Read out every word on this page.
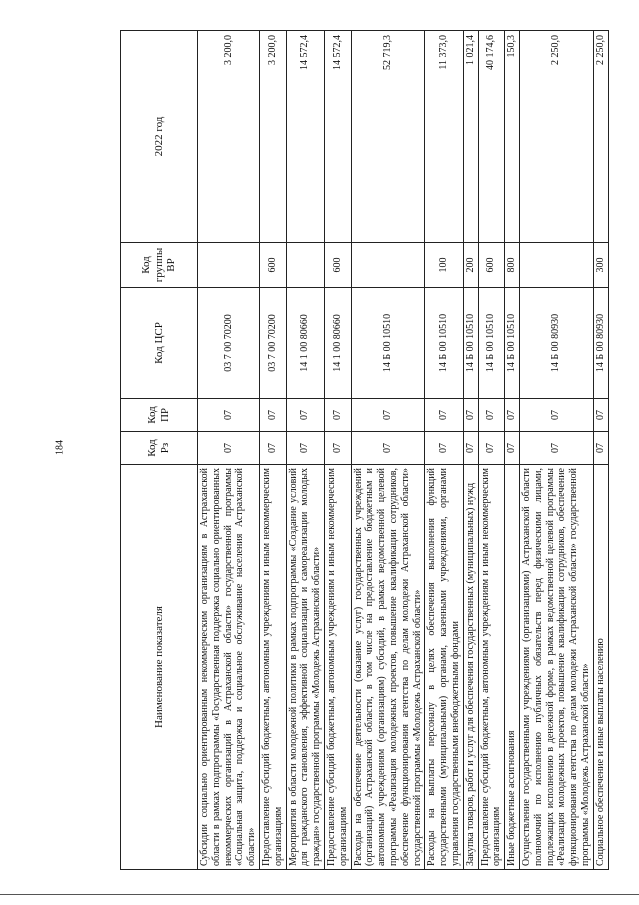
184
Наименование показателя	Код Рз	Код ПР	Код ЦСР	Код группы ВР	2022 год
Субсидии социально ориентированным некоммерческим организациям в Астраханской области в рамках подпрограммы «Государственная поддержка социально ориентированных некоммерческих организаций в Астраханской области» государственной программы «Социальная защита, поддержка и социальное обслуживание населения Астраханской области»	07	07	03 7 00 70200		3 200,0
Предоставление субсидий бюджетным, автономным учреждениям и иным некоммерческим организациям	07	07	03 7 00 70200	600	3 200,0
Мероприятия в области молодежной политики в рамках подпрограммы «Создание условий для гражданского становления, эффективной социализации и самореализации молодых граждан» государственной программы «Молодежь Астраханской области»	07	07	14 1 00 80660		14 572,4
Предоставление субсидий бюджетным, автономным учреждениям и иным некоммерческим организациям	07	07	14 1 00 80660	600	14 572,4
Расходы на обеспечение деятельности (оказание услуг) государственных учреждений (организаций) Астраханской области, в том числе на предоставление бюджетным и автономным учреждениям (организациям) субсидий, в рамках ведомственной целевой программы «Реализация молодежных проектов, повышение квалификации сотрудников, обеспечение функционирования агентства по делам молодежи Астраханской области» государственной программы «Молодежь Астраханской области»	07	07	14 Б 00 10510		52 719,3
Расходы на выплаты персоналу в целях обеспечения выполнения функций государственными (муниципальными) органами, казенными учреждениями, органами управления государственными внебюджетными фондами	07	07	14 Б 00 10510	100	11 373,0
Закупка товаров, работ и услуг для обеспечения государственных (муниципальных) нужд	07	07	14 Б 00 10510	200	1 021,4
Предоставление субсидий бюджетным, автономным учреждениям и иным некоммерческим организациям	07	07	14 Б 00 10510	600	40 174,6
Иные бюджетные ассигнования	07	07	14 Б 00 10510	800	150,3
Осуществление государственными учреждениями (организациями) Астраханской области полномочий по исполнению публичных обязательств перед физическими лицами, подлежащих исполнению в денежной форме, в рамках ведомственной целевой программы «Реализация молодежных проектов, повышение квалификации сотрудников, обеспечение функционирования агентства по делам молодежи Астраханской области» государственной программы «Молодежь Астраханской области»	07	07	14 Б 00 80930		2 250,0
Социальное обеспечение и иные выплаты населению	07	07	14 Б 00 80930	300	2 250,0
